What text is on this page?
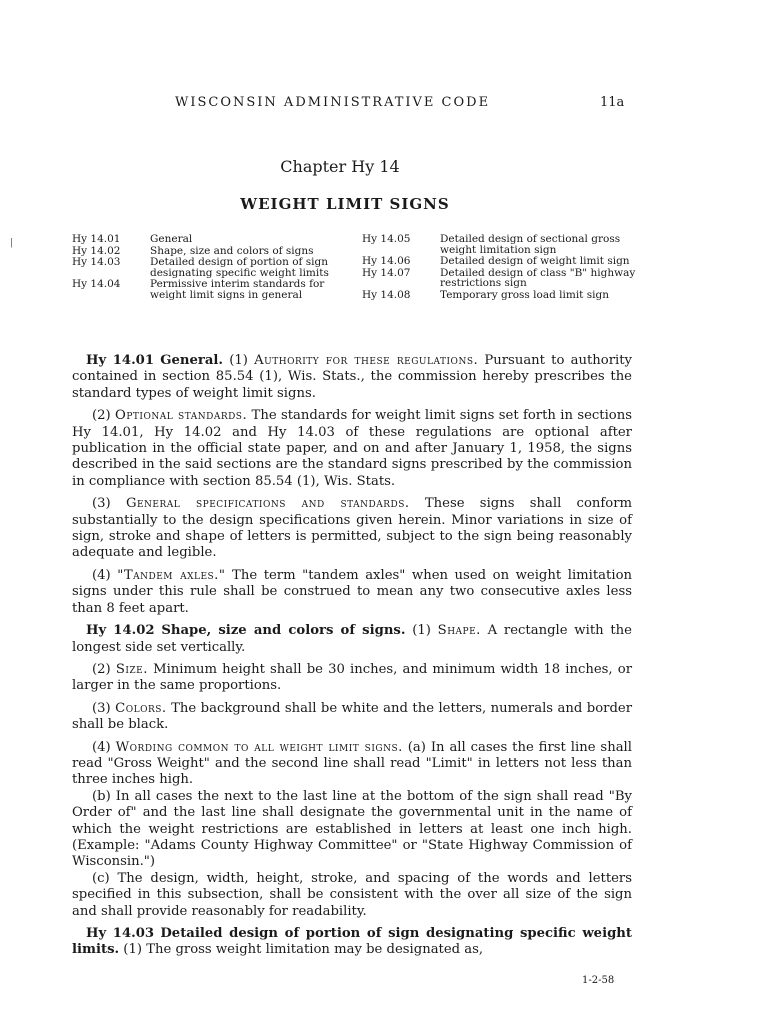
WISCONSIN ADMINISTRATIVE CODE	11a
Chapter Hy 14
WEIGHT LIMIT SIGNS
|	Hy 14.01	General
Hy 14.02	Shape, size and colors of signs
Hy 14.03	Detailed design of portion of sign designating specific weight limits
Hy 14.04	Permissive interim standards for weight limit signs in general
Hy 14.05	Detailed design of sectional gross weight limitation sign
Hy 14.06	Detailed design of weight limit sign
Hy 14.07	Detailed design of class "B" highway restrictions sign
Hy 14.08	Temporary gross load limit sign

Hy 14.01 General. (1) Authority for these regulations. Pursuant to authority contained in section 85.54 (1), Wis. Stats., the commission hereby prescribes the standard types of weight limit signs.

(2) Optional standards. The standards for weight limit signs set forth in sections Hy 14.01, Hy 14.02 and Hy 14.03 of these regulations are optional after publication in the official state paper, and on and after January 1, 1958, the signs described in the said sections are the standard signs prescribed by the commission in compliance with section 85.54 (1), Wis. Stats.

(3) General specifications and standards. These signs shall conform substantially to the design specifications given herein. Minor variations in size of sign, stroke and shape of letters is permitted, subject to the sign being reasonably adequate and legible.

(4) "Tandem axles." The term "tandem axles" when used on weight limitation signs under this rule shall be construed to mean any two consecutive axles less than 8 feet apart.

Hy 14.02 Shape, size and colors of signs. (1) Shape. A rectangle with the longest side set vertically.

(2) Size. Minimum height shall be 30 inches, and minimum width 18 inches, or larger in the same proportions.

(3) Colors. The background shall be white and the letters, numerals and border shall be black.

(4) Wording common to all weight limit signs. (a) In all cases the first line shall read "Gross Weight" and the second line shall read "Limit" in letters not less than three inches high.

(b) In all cases the next to the last line at the bottom of the sign shall read "By Order of" and the last line shall designate the governmental unit in the name of which the weight restrictions are established in letters at least one inch high. (Example: "Adams County Highway Committee" or "State Highway Commission of Wisconsin.")

(c) The design, width, height, stroke, and spacing of the words and letters specified in this subsection, shall be consistent with the over all size of the sign and shall provide reasonably for readability.

Hy 14.03 Detailed design of portion of sign designating specific weight limits. (1) The gross weight limitation may be designated as,

1-2-58
